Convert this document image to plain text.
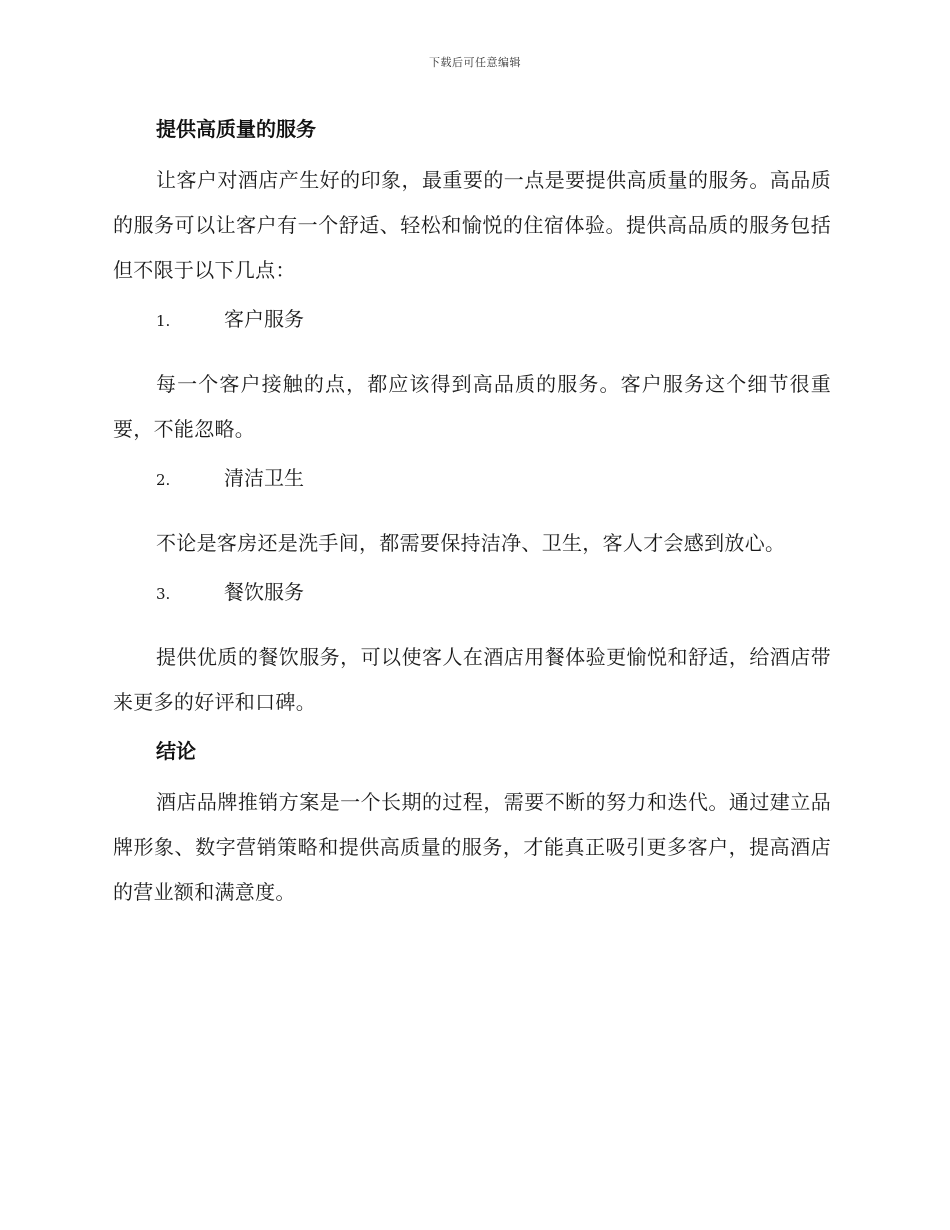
下载后可任意编辑
提供高质量的服务

让客户对酒店产生好的印象，最重要的一点是要提供高质量的服务。高品质的服务可以让客户有一个舒适、轻松和愉悦的住宿体验。提供高品质的服务包括但不限于以下几点：

1.	客户服务

每一个客户接触的点，都应该得到高品质的服务。客户服务这个细节很重要，不能忽略。

2.	清洁卫生

不论是客房还是洗手间，都需要保持洁净、卫生，客人才会感到放心。

3.	餐饮服务

提供优质的餐饮服务，可以使客人在酒店用餐体验更愉悦和舒适，给酒店带来更多的好评和口碑。

结论

酒店品牌推销方案是一个长期的过程，需要不断的努力和迭代。通过建立品牌形象、数字营销策略和提供高质量的服务，才能真正吸引更多客户，提高酒店的营业额和满意度。
